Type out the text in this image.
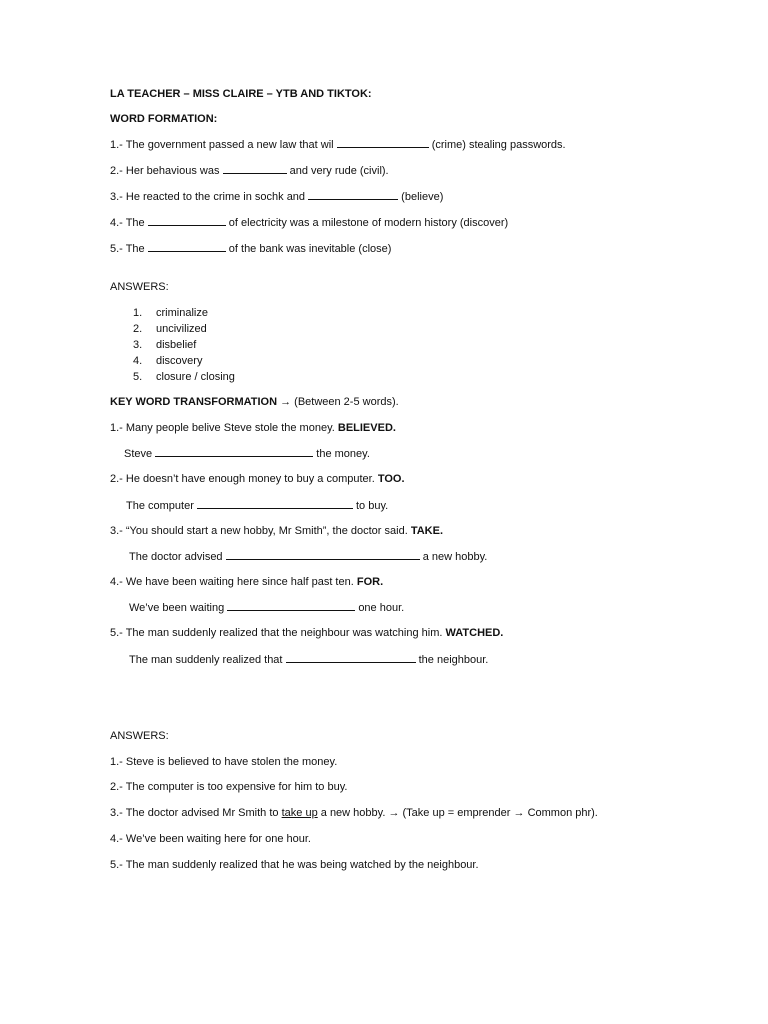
LA TEACHER – MISS CLAIRE – YTB AND TIKTOK:
WORD FORMATION:
1.- The government passed a new law that wil	(crime) stealing passwords.
2.- Her behavious was	and very rude (civil).
3.- He reacted to the crime in sochk and	(believe)
4.- The	of electricity was a milestone of modern history (discover)
5.- The	of the bank was inevitable (close)
ANSWERS:
1. criminalize
2. uncivilized
3. disbelief
4. discovery
5. closure / closing
KEY WORD TRANSFORMATION → (Between 2-5 words).
1.- Many people belive Steve stole the money. BELIEVED.
Steve	the money.
2.- He doesn’t have enough money to buy a computer. TOO.
The computer	to buy.
3.- “You should start a new hobby, Mr Smith”, the doctor said. TAKE.
The doctor advised	a new hobby.
4.- We have been waiting here since half past ten. FOR.
We’ve been waiting	one hour.
5.- The man suddenly realized that the neighbour was watching him. WATCHED.
The man suddenly realized that	the neighbour.
ANSWERS:
1.- Steve is believed to have stolen the money.
2.- The computer is too expensive for him to buy.
3.- The doctor advised Mr Smith to take up a new hobby. → (Take up = emprender → Common phr).
4.- We’ve been waiting here for one hour.
5.- The man suddenly realized that he was being watched by the neighbour.
